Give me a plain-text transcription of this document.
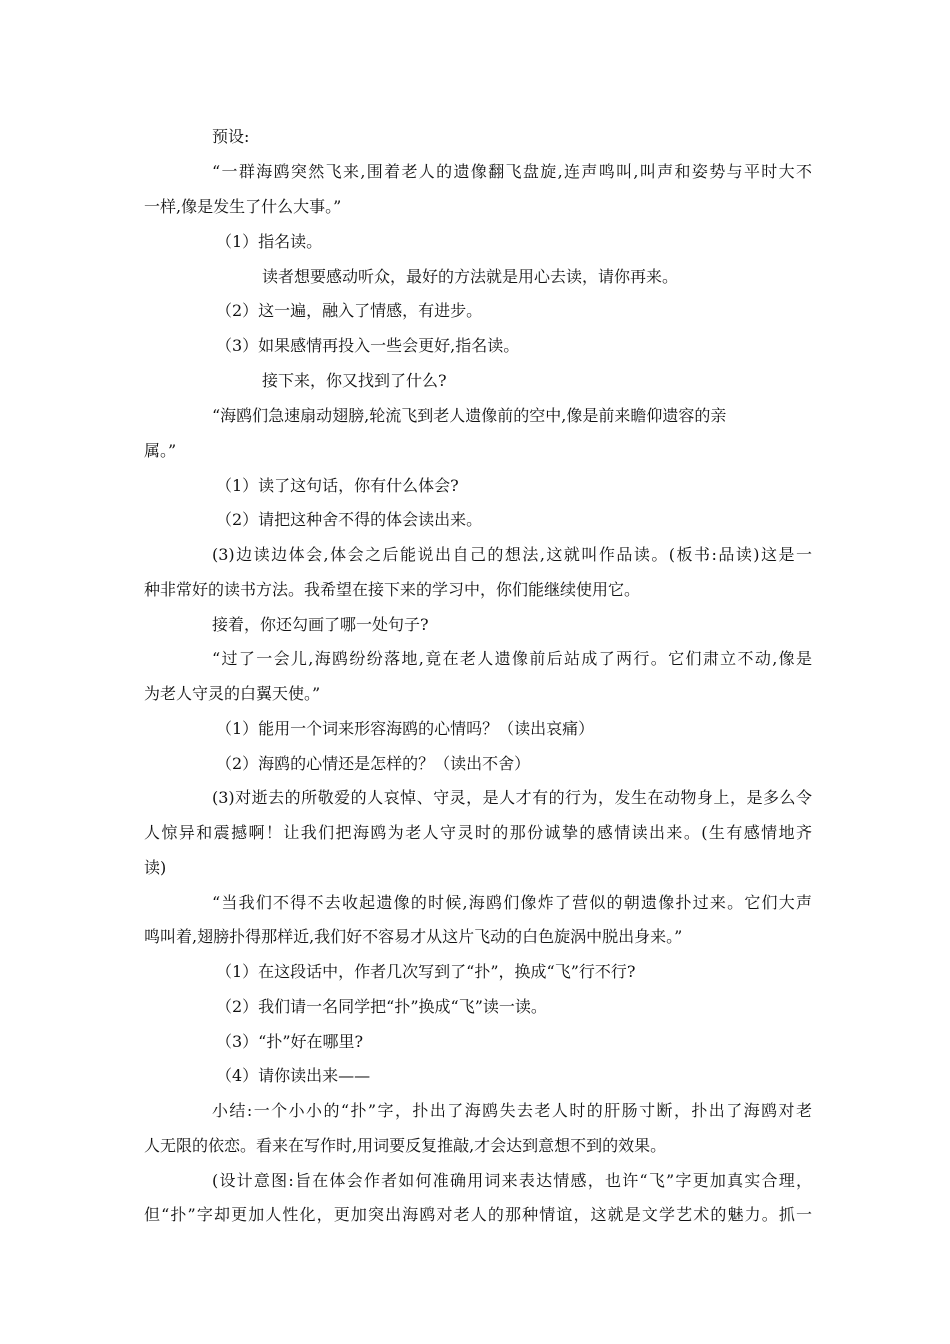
预设:
“一群海鸥突然飞来,围着老人的遗像翻飞盘旋,连声鸣叫,叫声和姿势与平时大不
一样,像是发生了什么大事。”
（1）指名读。
读者想要感动听众，最好的方法就是用心去读，请你再来。
（2）这一遍，融入了情感，有进步。
（3）如果感情再投入一些会更好,指名读。
接下来，你又找到了什么?
“海鸥们急速扇动翅膀,轮流飞到老人遗像前的空中,像是前来瞻仰遗容的亲
属。”
（1）读了这句话，你有什么体会?
（2）请把这种舍不得的体会读出来。
(3)边读边体会,体会之后能说出自己的想法,这就叫作品读。(板书:品读)这是一
种非常好的读书方法。我希望在接下来的学习中，你们能继续使用它。
接着，你还勾画了哪一处句子?
“过了一会儿,海鸥纷纷落地,竟在老人遗像前后站成了两行。它们肃立不动,像是
为老人守灵的白翼天使。”
（1）能用一个词来形容海鸥的心情吗？（读出哀痛）
（2）海鸥的心情还是怎样的？（读出不舍）
(3)对逝去的所敬爱的人哀悼、守灵，是人才有的行为，发生在动物身上，是多么令
人惊异和震撼啊！让我们把海鸥为老人守灵时的那份诚挚的感情读出来。(生有感情地齐
读)
“当我们不得不去收起遗像的时候,海鸥们像炸了营似的朝遗像扑过来。它们大声
鸣叫着,翅膀扑得那样近,我们好不容易才从这片飞动的白色旋涡中脱出身来。”
（1）在这段话中，作者几次写到了“扑”，换成“飞”行不行?
（2）我们请一名同学把“扑”换成“飞”读一读。
（3）“扑”好在哪里?
（4）请你读出来——
小结:一个小小的“扑”字，扑出了海鸥失去老人时的肝肠寸断，扑出了海鸥对老
人无限的依恋。看来在写作时,用词要反复推敲,才会达到意想不到的效果。
(设计意图:旨在体会作者如何准确用词来表达情感，也许“飞”字更加真实合理，
但“扑”字却更加人性化，更加突出海鸥对老人的那种情谊，这就是文学艺术的魅力。抓一
